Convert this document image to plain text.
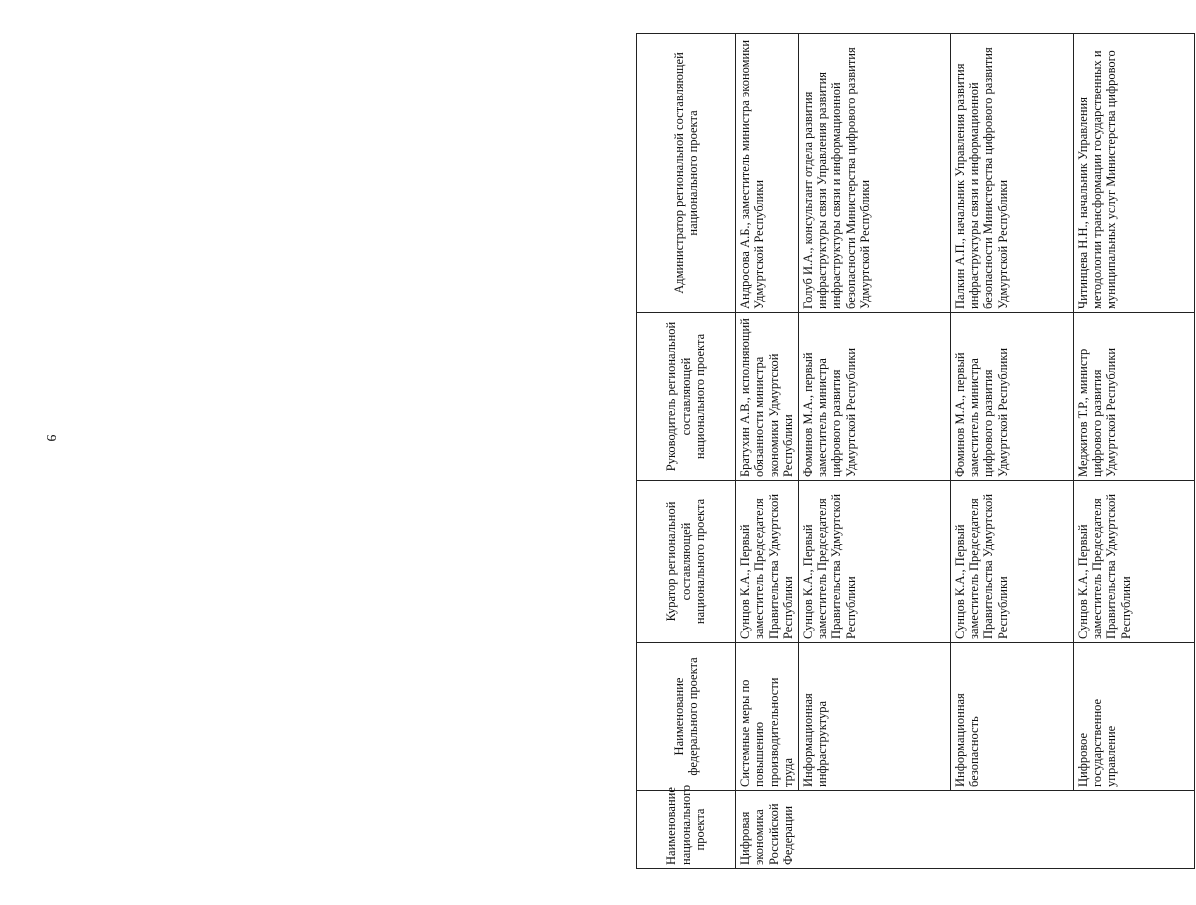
9
Наименование национального проекта	Наименование федерального проекта	Куратор региональной составляющей национального проекта	Руководитель региональной составляющей национального проекта	Администратор региональной составляющей национального проекта
Цифровая экономика Российской Федерации	Системные меры по повышению производительности труда	Сунцов К.А., Первый заместитель Председателя Правительства Удмуртской Республики	Братухин А.В., исполняющий обязанности министра экономики Удмуртской Республики	Андросова А.Б., заместитель министра экономики Удмуртской Республики
	Информационная инфраструктура	Сунцов К.А., Первый заместитель Председателя Правительства Удмуртской Республики	Фоминов М.А., первый заместитель министра цифрового развития Удмуртской Республики	Голуб И.А., консультант отдела развития инфраструктуры связи Управления развития инфраструктуры связи и информационной безопасности Министерства цифрового развития Удмуртской Республики
	Информационная безопасность	Сунцов К.А., Первый заместитель Председателя Правительства Удмуртской Республики	Фоминов М.А., первый заместитель министра цифрового развития Удмуртской Республики	Палкин А.П., начальник Управления развития инфраструктуры связи и информационной безопасности Министерства цифрового развития Удмуртской Республики
	Цифровое государственное управление	Сунцов К.А., Первый заместитель Председателя Правительства Удмуртской Республики	Меджитов Т.Р., министр цифрового развития Удмуртской Республики	Читинцева Н.Н., начальник Управления методологии трансформации государственных и муниципальных услуг Министерства цифрового
